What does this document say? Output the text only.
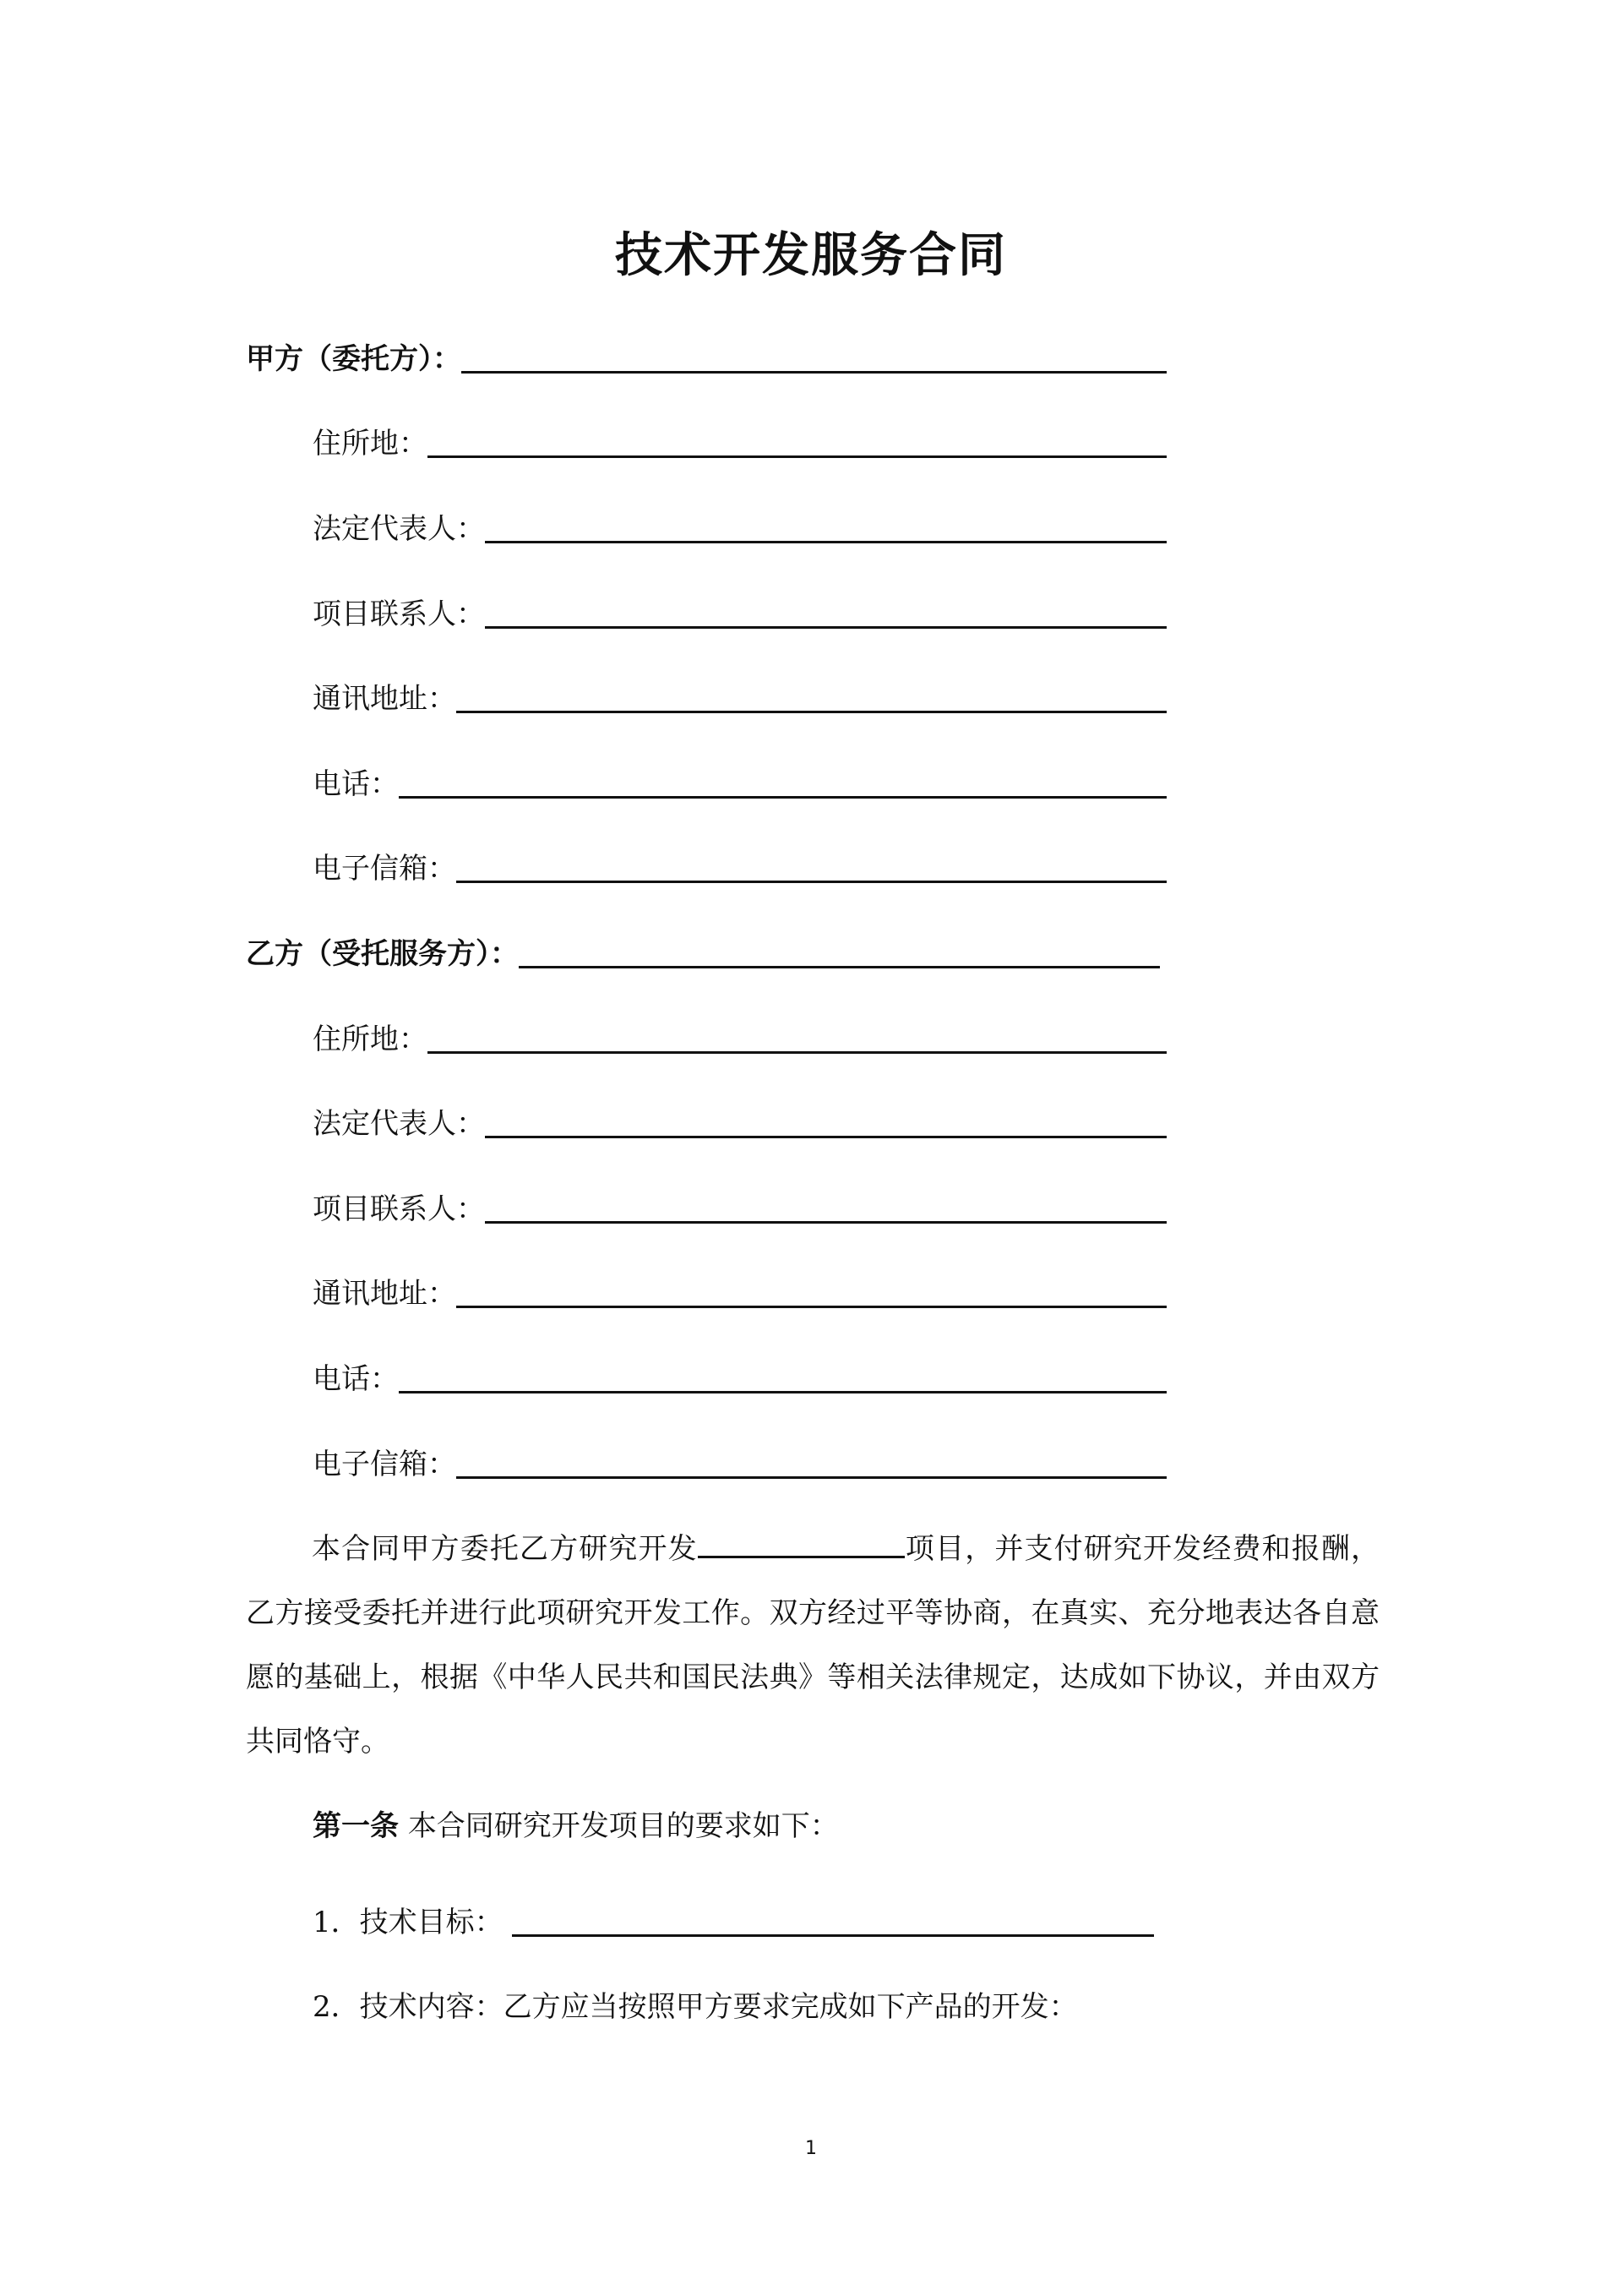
技术开发服务合同
甲方（委托方）：
住所地：
法定代表人：
项目联系人：
通讯地址：
电话：
电子信箱：
乙方（受托服务方）：
住所地：
法定代表人：
项目联系人：
通讯地址：
电话：
电子信箱：

本合同甲方委托乙方研究开发	项目，并支付研究开发经费和报酬，乙方接受委托并进行此项研究开发工作。双方经过平等协商，在真实、充分地表达各自意愿的基础上，根据《中华人民共和国民法典》等相关法律规定，达成如下协议，并由双方共同恪守。

第一条 本合同研究开发项目的要求如下：
1．技术目标：
2．技术内容：乙方应当按照甲方要求完成如下产品的开发：
1
